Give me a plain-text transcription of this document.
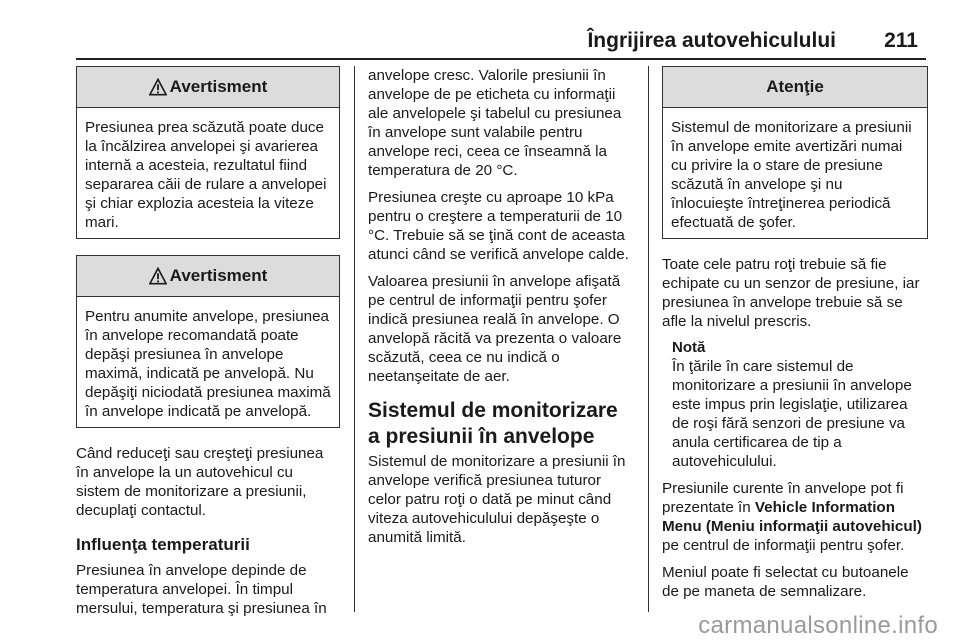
Îngrijirea autovehiculului 211
Avertisment

Presiunea prea scăzută poate duce la încălzirea anvelopei şi avarierea internă a acesteia, rezultatul fiind separarea căii de rulare a anvelopei şi chiar explozia acesteia la viteze mari.

Avertisment

Pentru anumite anvelope, presiunea în anvelope recomandată poate depăşi presiunea în anvelope maximă, indicată pe anvelopă. Nu depăşiţi niciodată presiunea maximă în anvelope indicată pe anvelopă.

Când reduceţi sau creşteţi presiunea în anvelope la un autovehicul cu sistem de monitorizare a presiunii, decuplaţi contactul.

Influenţa temperaturii

Presiunea în anvelope depinde de temperatura anvelopei. În timpul mersului, temperatura şi presiunea în

anvelope cresc. Valorile presiunii în anvelope de pe eticheta cu informaţii ale anvelopele şi tabelul cu presiunea în anvelope sunt valabile pentru anvelope reci, ceea ce înseamnă la temperatura de 20 °C.

Presiunea creşte cu aproape 10 kPa pentru o creştere a temperaturii de 10 °C. Trebuie să se ţină cont de aceasta atunci când se verifică anvelope calde.

Valoarea presiunii în anvelope afişată pe centrul de informaţii pentru şofer indică presiunea reală în anvelope. O anvelopă răcită va prezenta o valoare scăzută, ceea ce nu indică o neetanşeitate de aer.

Sistemul de monitorizare a presiunii în anvelope

Sistemul de monitorizare a presiunii în anvelope verifică presiunea tuturor celor patru roţi o dată pe minut când viteza autovehiculului depăşeşte o anumită limită.

Atenţie

Sistemul de monitorizare a presiunii în anvelope emite avertizări numai cu privire la o stare de presiune scăzută în anvelope şi nu înlocuieşte întreţinerea periodică efectuată de şofer.

Toate cele patru roţi trebuie să fie echipate cu un senzor de presiune, iar presiunea în anvelope trebuie să se afle la nivelul prescris.

Notă

În ţările în care sistemul de monitorizare a presiunii în anvelope este impus prin legislaţie, utilizarea de roşi fără senzori de presiune va anula certificarea de tip a autovehiculului.

Presiunile curente în anvelope pot fi prezentate în Vehicle Information Menu (Meniu informaţii autovehicul) pe centrul de informaţii pentru şofer.

Meniul poate fi selectat cu butoanele de pe maneta de semnalizare.

carmanualsonline.info
